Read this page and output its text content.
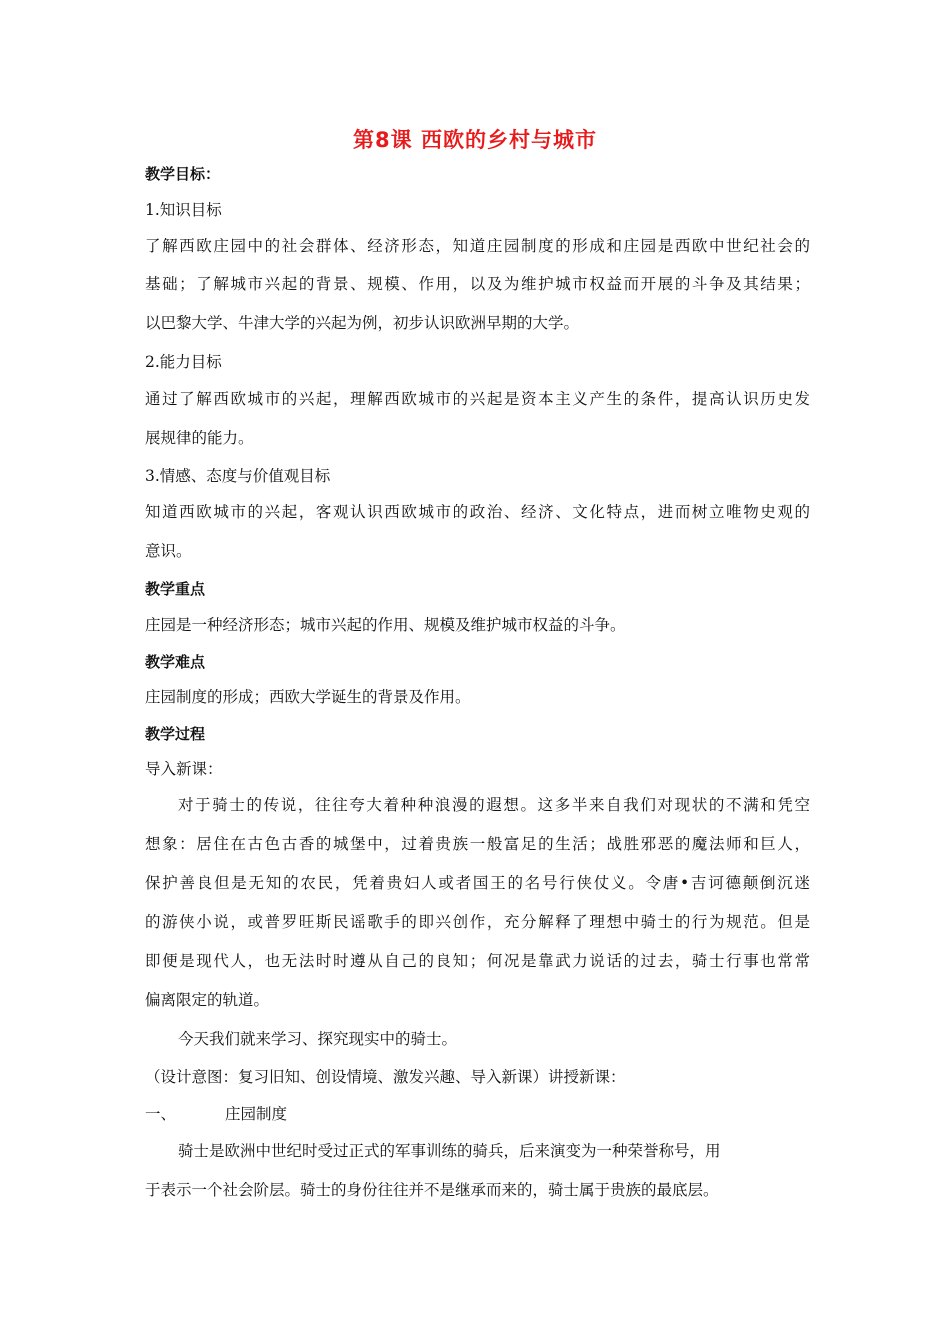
第8课 西欧的乡村与城市
教学目标：
1.知识目标
了解西欧庄园中的社会群体、经济形态，知道庄园制度的形成和庄园是西欧中世纪社会的
基础；了解城市兴起的背景、规模、作用，以及为维护城市权益而开展的斗争及其结果；
以巴黎大学、牛津大学的兴起为例，初步认识欧洲早期的大学。
2.能力目标
通过了解西欧城市的兴起，理解西欧城市的兴起是资本主义产生的条件，提高认识历史发
展规律的能力。
3.情感、态度与价值观目标
知道西欧城市的兴起，客观认识西欧城市的政治、经济、文化特点，进而树立唯物史观的
意识。
教学重点
庄园是一种经济形态；城市兴起的作用、规模及维护城市权益的斗争。
教学难点
庄园制度的形成；西欧大学诞生的背景及作用。
教学过程
导入新课：
对于骑士的传说，往往夸大着种种浪漫的遐想。这多半来自我们对现状的不满和凭空
想象：居住在古色古香的城堡中，过着贵族一般富足的生活；战胜邪恶的魔法师和巨人，
保护善良但是无知的农民，凭着贵妇人或者国王的名号行侠仗义。令唐•吉诃德颠倒沉迷
的游侠小说，或普罗旺斯民谣歌手的即兴创作，充分解释了理想中骑士的行为规范。但是
即便是现代人，也无法时时遵从自己的良知；何况是靠武力说话的过去，骑士行事也常常
偏离限定的轨道。
今天我们就来学习、探究现实中的骑士。
（设计意图：复习旧知、创设情境、激发兴趣、导入新课）讲授新课：
一、	庄园制度
骑士是欧洲中世纪时受过正式的军事训练的骑兵，后来演变为一种荣誉称号，用
于表示一个社会阶层。骑士的身份往往并不是继承而来的，骑士属于贵族的最底层。
